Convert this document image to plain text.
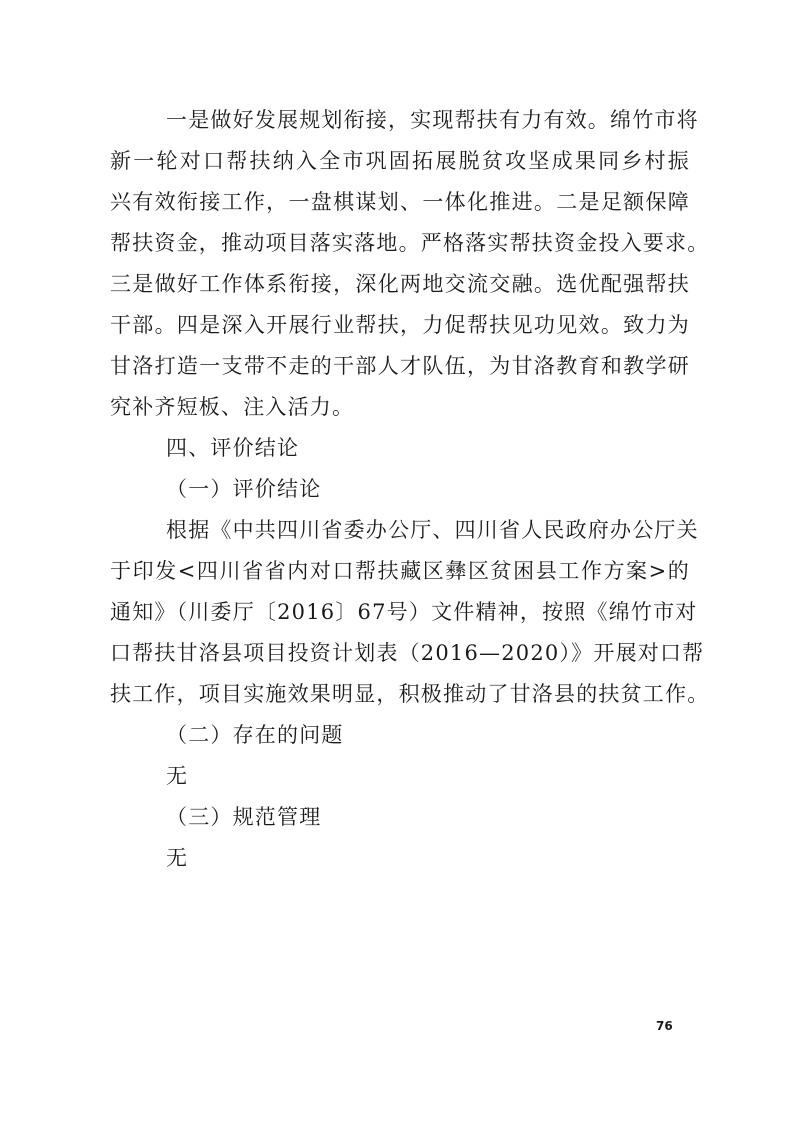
一是做好发展规划衔接，实现帮扶有力有效。绵竹市将
新一轮对口帮扶纳入全市巩固拓展脱贫攻坚成果同乡村振
兴有效衔接工作，一盘棋谋划、一体化推进。二是足额保障
帮扶资金，推动项目落实落地。严格落实帮扶资金投入要求。
三是做好工作体系衔接，深化两地交流交融。选优配强帮扶
干部。四是深入开展行业帮扶，力促帮扶见功见效。致力为
甘洛打造一支带不走的干部人才队伍，为甘洛教育和教学研
究补齐短板、注入活力。
四、评价结论
（一）评价结论
根据《中共四川省委办公厅、四川省人民政府办公厅关
于印发<四川省省内对口帮扶藏区彝区贫困县工作方案>的
通知》（川委厅〔2016〕67号）文件精神，按照《绵竹市对
口帮扶甘洛县项目投资计划表（2016—2020）》开展对口帮
扶工作，项目实施效果明显，积极推动了甘洛县的扶贫工作。
（二）存在的问题
无
（三）规范管理
无
76
